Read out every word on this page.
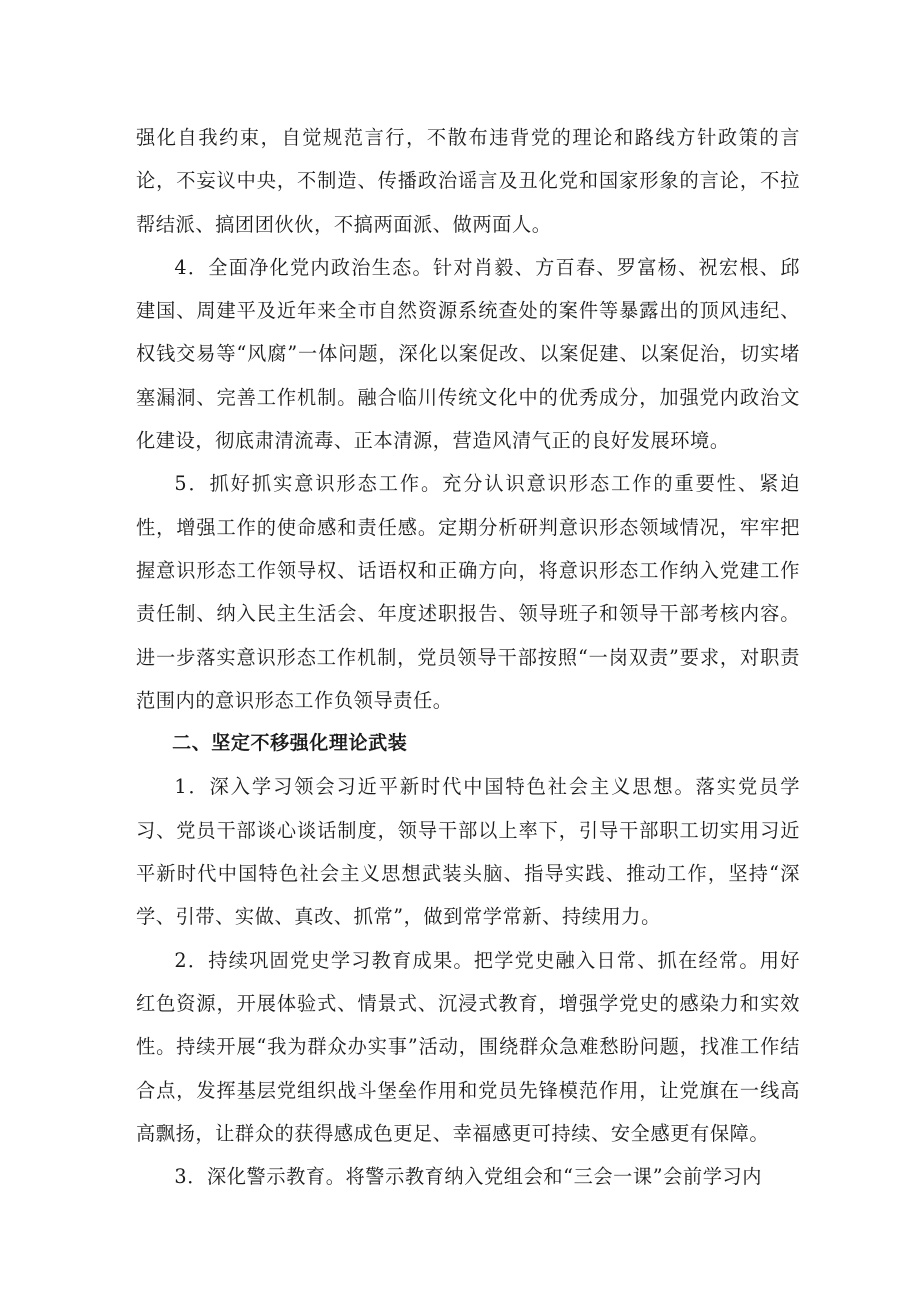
强化自我约束，自觉规范言行，不散布违背党的理论和路线方针政策的言论，不妄议中央，不制造、传播政治谣言及丑化党和国家形象的言论，不拉帮结派、搞团团伙伙，不搞两面派、做两面人。

4．全面净化党内政治生态。针对肖毅、方百春、罗富杨、祝宏根、邱建国、周建平及近年来全市自然资源系统查处的案件等暴露出的顶风违纪、权钱交易等“风腐”一体问题，深化以案促改、以案促建、以案促治，切实堵塞漏洞、完善工作机制。融合临川传统文化中的优秀成分，加强党内政治文化建设，彻底肃清流毒、正本清源，营造风清气正的良好发展环境。

5．抓好抓实意识形态工作。充分认识意识形态工作的重要性、紧迫性，增强工作的使命感和责任感。定期分析研判意识形态领域情况，牢牢把握意识形态工作领导权、话语权和正确方向，将意识形态工作纳入党建工作责任制、纳入民主生活会、年度述职报告、领导班子和领导干部考核内容。进一步落实意识形态工作机制，党员领导干部按照“一岗双责”要求，对职责范围内的意识形态工作负领导责任。

二、坚定不移强化理论武装

1．深入学习领会习近平新时代中国特色社会主义思想。落实党员学习、党员干部谈心谈话制度，领导干部以上率下，引导干部职工切实用习近平新时代中国特色社会主义思想武装头脑、指导实践、推动工作，坚持“深学、引带、实做、真改、抓常”，做到常学常新、持续用力。

2．持续巩固党史学习教育成果。把学党史融入日常、抓在经常。用好红色资源，开展体验式、情景式、沉浸式教育，增强学党史的感染力和实效性。持续开展“我为群众办实事”活动，围绕群众急难愁盼问题，找准工作结合点，发挥基层党组织战斗堡垒作用和党员先锋模范作用，让党旗在一线高高飘扬，让群众的获得感成色更足、幸福感更可持续、安全感更有保障。

3．深化警示教育。将警示教育纳入党组会和“三会一课”会前学习内
